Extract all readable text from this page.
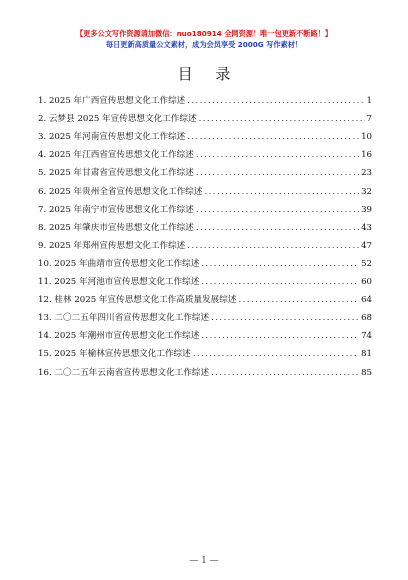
【更多公文写作资源请加微信：nuo180914 全网资源！唯一包更新不断路！】
每日更新高质量公文素材，成为会员享受 2000G 写作素材！
目 录
1.
2025 年广西宣传思想文化工作综述 .....	1
2.
云梦县 2025 年宣传思想文化工作综述 .....	7
3.
2025 年河南宣传思想文化工作综述 .....	10
4.
2025 年江西省宣传思想文化工作综述 .....	16
5.
2025 年甘肃省宣传思想文化工作综述 .....	23
6.
2025 年贵州全省宣传思想文化工作综述 .....	32
7.
2025 年南宁市宣传思想文化工作综述 .....	39
8.
2025 年肇庆市宣传思想文化工作综述 .....	43
9.
2025 年郑州宣传思想文化工作综述 .....	47
10.
2025 年曲靖市宣传思想文化工作综述 .....	52
11.
2025 年河池市宣传思想文化工作综述 .....	60
12.
桂林 2025 年宣传思想文化工作高质量发展综述 .....	64
13.
二〇二五年四川省宣传思想文化工作综述 .....	68
14.
2025 年潮州市宣传思想文化工作综述 .....	74
15.
2025 年榆林宣传思想文化工作综述 .....	81
16.
二〇二五年云南省宣传思想文化工作综述 .....	85
— 1 —
